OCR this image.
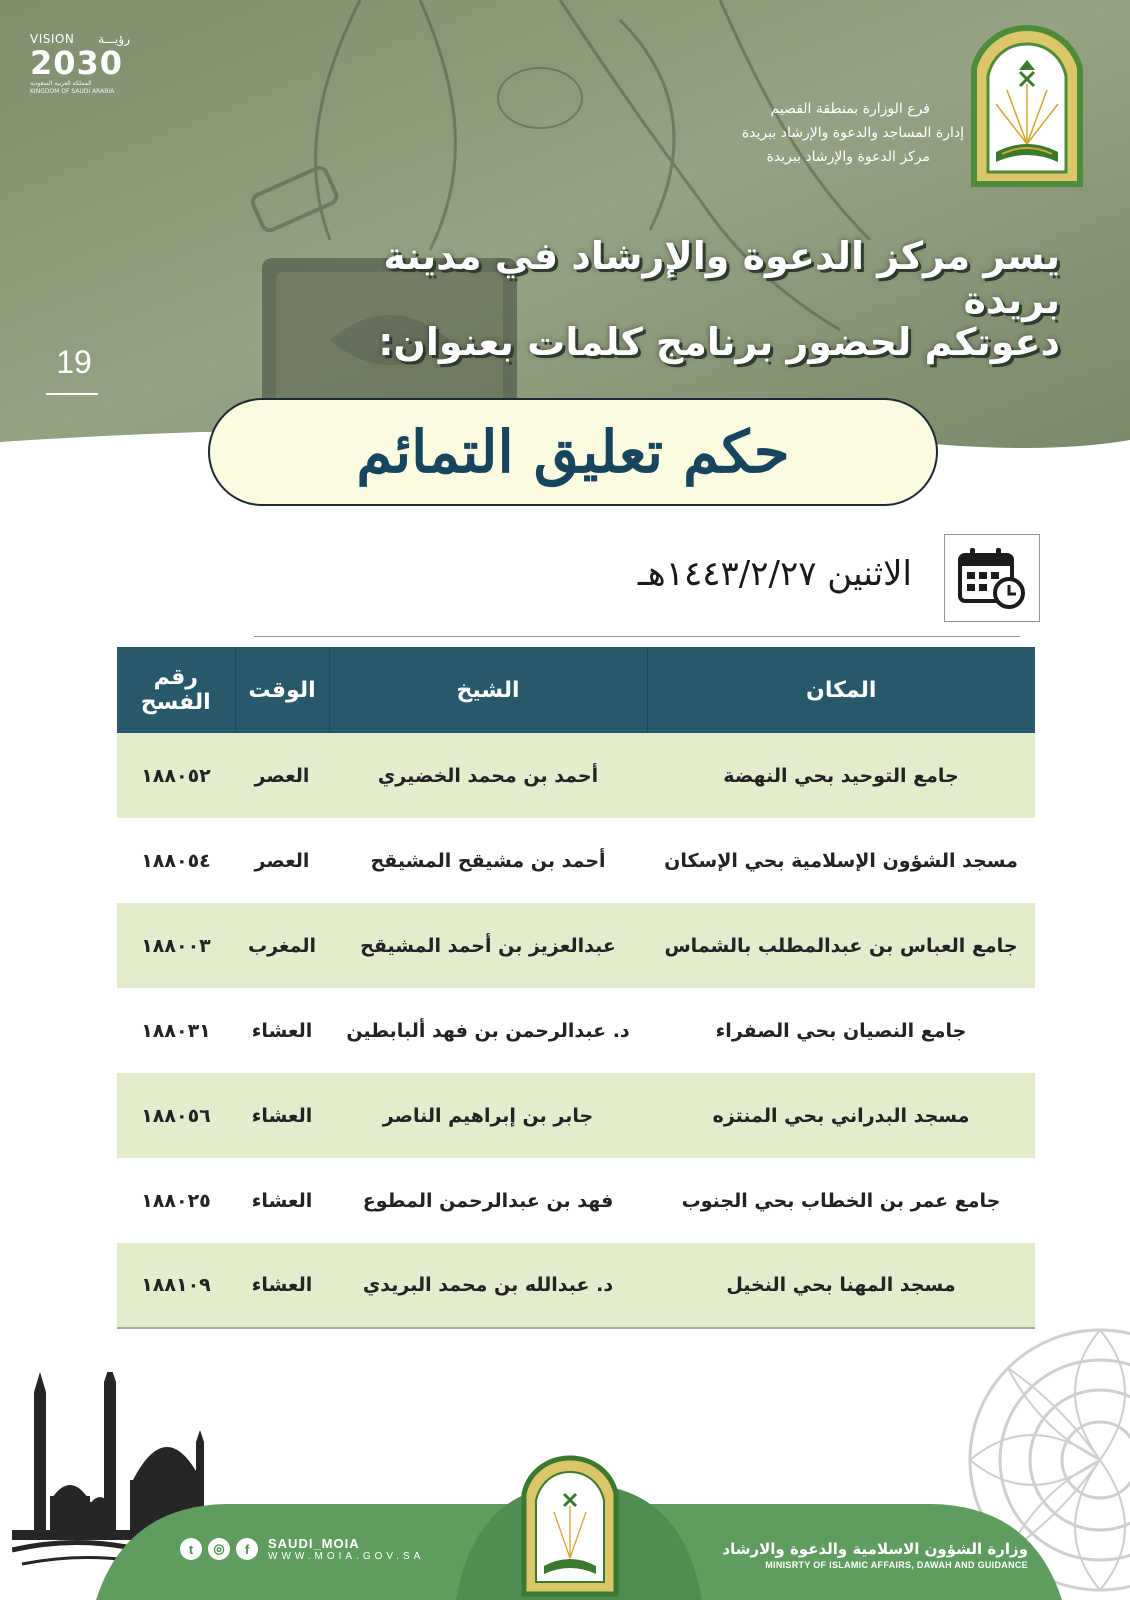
VISION رؤيـــة
2030
المملكة العربية السعودية
KINGDOM OF SAUDI ARABIA
فرع الوزارة بمنطقة القصيم
إدارة المساجد والدعوة والإرشاد ببريدة
مركز الدعوة والإرشاد ببريدة
يسر مركز الدعوة والإرشاد في مدينة بريدة
دعوتكم لحضور برنامج كلمات بعنوان:
19
حكم تعليق التمائم
الاثنين ١٤٤٣/٢/٢٧هـ
المكان	الشيخ	الوقت	رقم الفسح
جامع التوحيد بحي النهضة	أحمد بن محمد الخضيري	العصر	١٨٨٠٥٢
مسجد الشؤون الإسلامية بحي الإسكان	أحمد بن مشيقح المشيقح	العصر	١٨٨٠٥٤
جامع العباس بن عبدالمطلب بالشماس	عبدالعزيز بن أحمد المشيقح	المغرب	١٨٨٠٠٣
جامع النصيان بحي الصفراء	د. عبدالرحمن بن فهد ألبابطين	العشاء	١٨٨٠٣١
مسجد البدراني بحي المنتزه	جابر بن إبراهيم الناصر	العشاء	١٨٨٠٥٦
جامع عمر بن الخطاب بحي الجنوب	فهد بن عبدالرحمن المطوع	العشاء	١٨٨٠٢٥
مسجد المهنا بحي النخيل	د. عبدالله بن محمد البريدي	العشاء	١٨٨١٠٩
t	◎	f	SAUDI_MOIA
WWW.MOIA.GOV.SA	وزارة الشؤون الاسلامية والدعوة والارشاد
MINISRTY OF ISLAMIC AFFAIRS, DAWAH AND GUIDANCE
